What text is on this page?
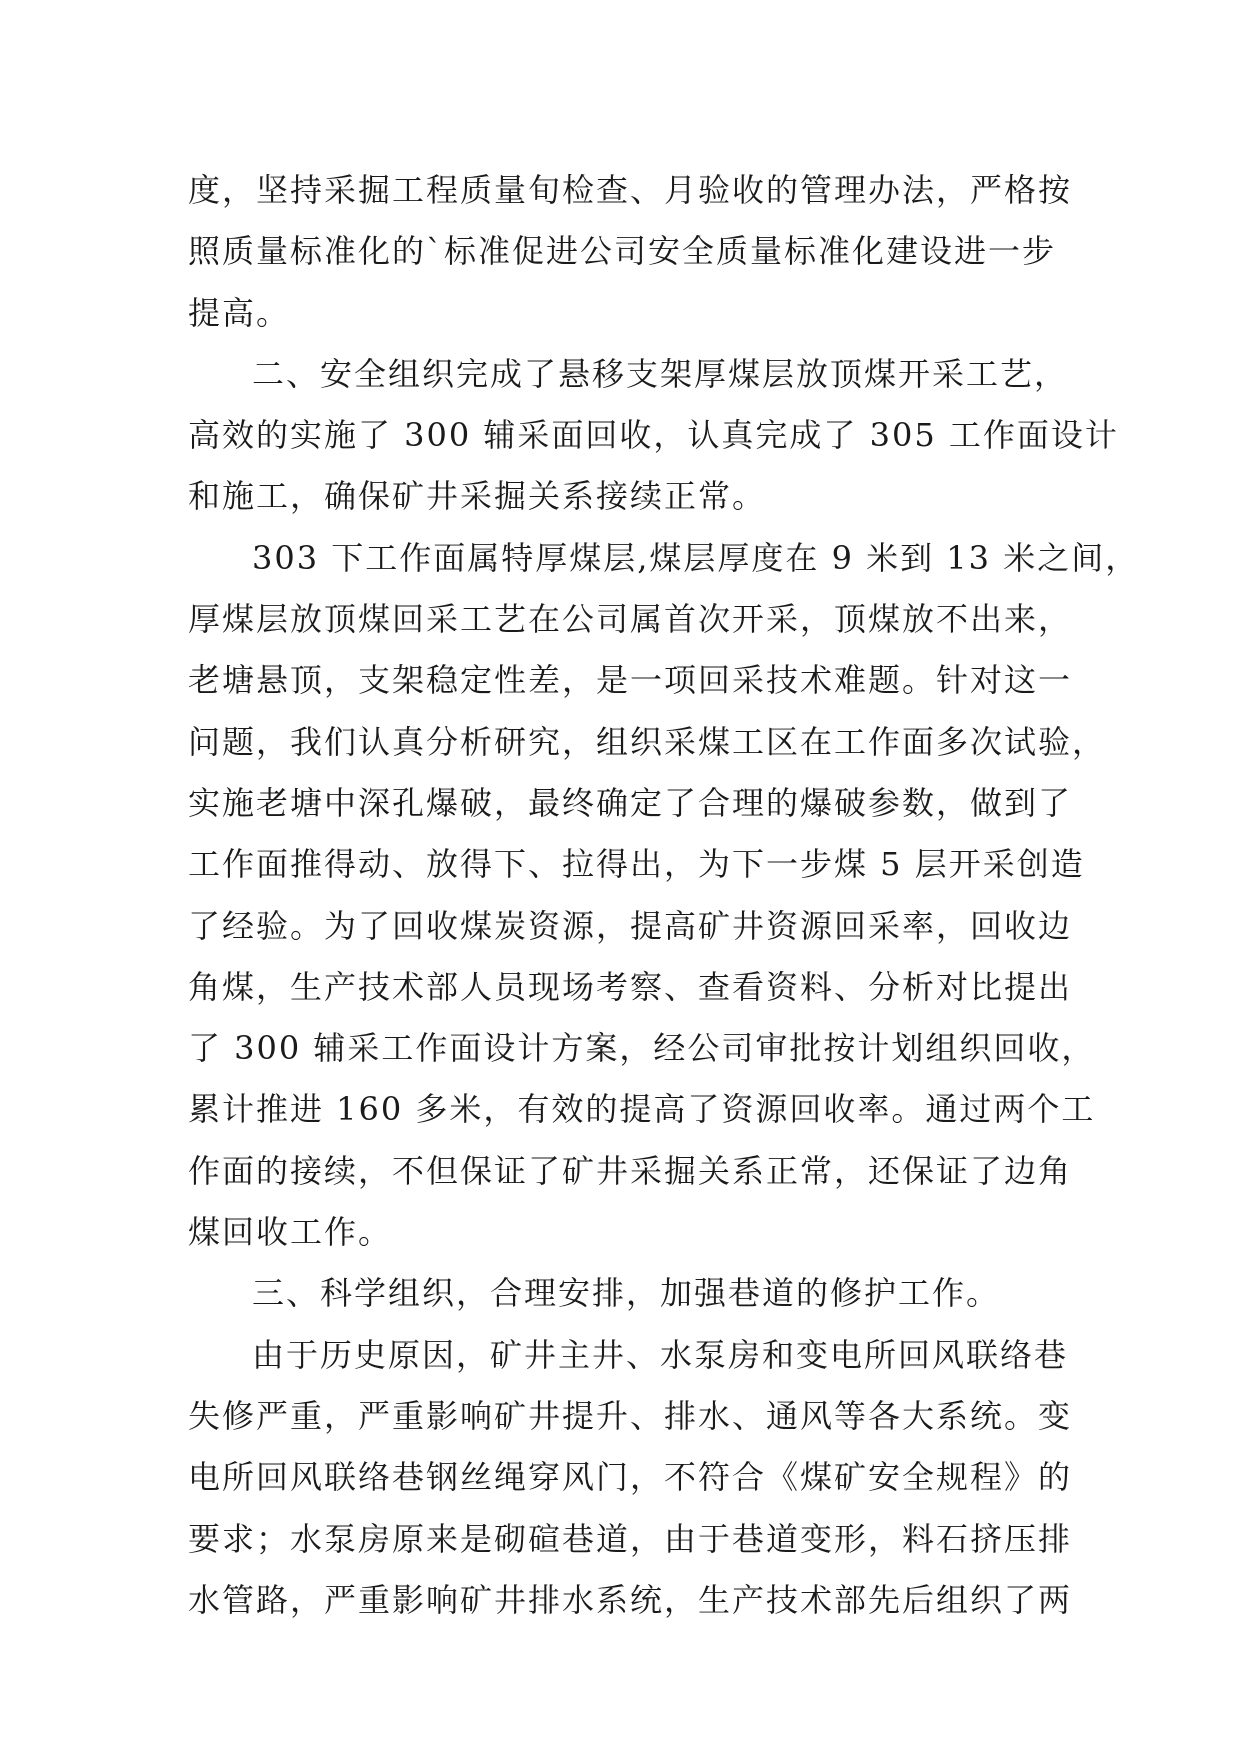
度，坚持采掘工程质量旬检查、月验收的管理办法，严格按
照质量标准化的`标准促进公司安全质量标准化建设进一步
提高。
二、安全组织完成了悬移支架厚煤层放顶煤开采工艺，
高效的实施了 300 辅采面回收，认真完成了 305 工作面设计
和施工，确保矿井采掘关系接续正常。
303 下工作面属特厚煤层,煤层厚度在 9 米到 13 米之间，
厚煤层放顶煤回采工艺在公司属首次开采，顶煤放不出来，
老塘悬顶，支架稳定性差，是一项回采技术难题。针对这一
问题，我们认真分析研究，组织采煤工区在工作面多次试验，
实施老塘中深孔爆破，最终确定了合理的爆破参数，做到了
工作面推得动、放得下、拉得出，为下一步煤 5 层开采创造
了经验。为了回收煤炭资源，提高矿井资源回采率，回收边
角煤，生产技术部人员现场考察、查看资料、分析对比提出
了 300 辅采工作面设计方案，经公司审批按计划组织回收，
累计推进 160 多米，有效的提高了资源回收率。通过两个工
作面的接续，不但保证了矿井采掘关系正常，还保证了边角
煤回收工作。
三、科学组织，合理安排，加强巷道的修护工作。
由于历史原因，矿井主井、水泵房和变电所回风联络巷
失修严重，严重影响矿井提升、排水、通风等各大系统。变
电所回风联络巷钢丝绳穿风门，不符合《煤矿安全规程》的
要求；水泵房原来是砌碹巷道，由于巷道变形，料石挤压排
水管路，严重影响矿井排水系统，生产技术部先后组织了两
